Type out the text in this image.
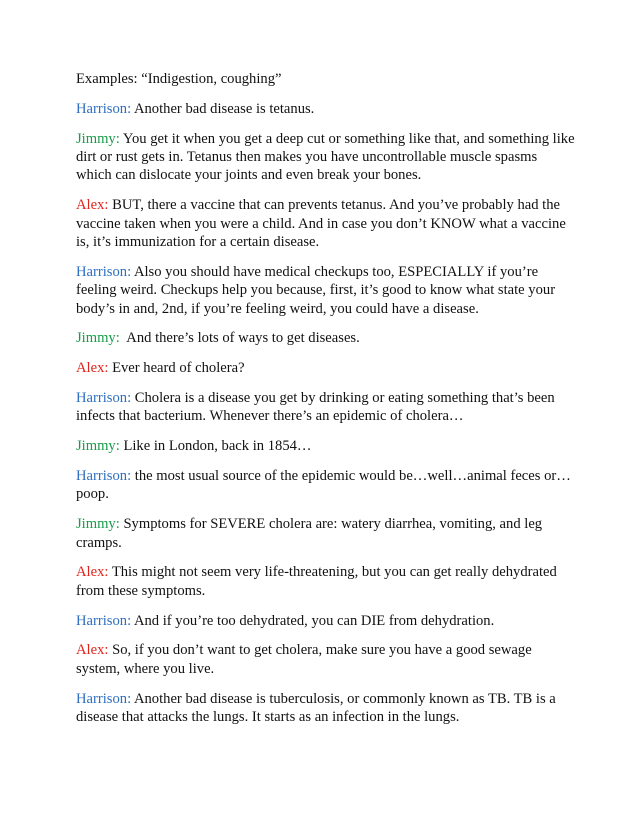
Examples: “Indigestion, coughing”

Harrison: Another bad disease is tetanus.

Jimmy: You get it when you get a deep cut or something like that, and something like dirt or rust gets in. Tetanus then makes you have uncontrollable muscle spasms which can dislocate your joints and even break your bones.

Alex: BUT, there a vaccine that can prevents tetanus. And you’ve probably had the vaccine taken when you were a child. And in case you don’t KNOW what a vaccine is, it’s immunization for a certain disease.

Harrison: Also you should have medical checkups too, ESPECIALLY if you’re feeling weird. Checkups help you because, first, it’s good to know what state your body’s in and, 2nd, if you’re feeling weird, you could have a disease.

Jimmy:  And there’s lots of ways to get diseases.

Alex: Ever heard of cholera?

Harrison: Cholera is a disease you get by drinking or eating something that’s been infects that bacterium. Whenever there’s an epidemic of cholera…

Jimmy: Like in London, back in 1854…

Harrison: the most usual source of the epidemic would be…well…animal feces or…poop.

Jimmy: Symptoms for SEVERE cholera are: watery diarrhea, vomiting, and leg cramps.

Alex: This might not seem very life-threatening, but you can get really dehydrated from these symptoms.

Harrison: And if you’re too dehydrated, you can DIE from dehydration.

Alex: So, if you don’t want to get cholera, make sure you have a good sewage system, where you live.

Harrison: Another bad disease is tuberculosis, or commonly known as TB. TB is a disease that attacks the lungs. It starts as an infection in the lungs.
